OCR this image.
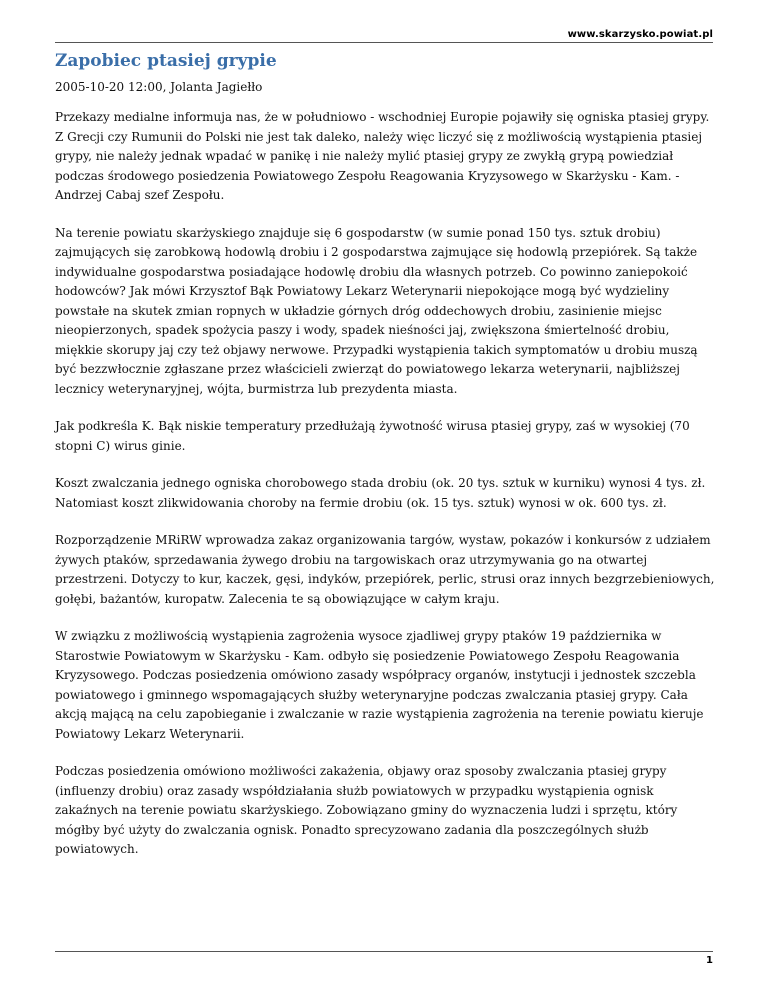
www.skarzysko.powiat.pl
Zapobiec ptasiej grypie
2005-10-20 12:00, Jolanta Jagiełło

Przekazy medialne informuja nas, że w południowo - wschodniej Europie pojawiły się ogniska ptasiej grypy. Z Grecji czy Rumunii do Polski nie jest tak daleko, należy więc liczyć się z możliwością wystąpienia ptasiej grypy, nie należy jednak wpadać w panikę i nie należy mylić ptasiej grypy ze zwykłą grypą powiedział podczas środowego posiedzenia Powiatowego Zespołu Reagowania Kryzysowego w Skarżysku - Kam. - Andrzej Cabaj szef Zespołu.

Na terenie powiatu skarżyskiego znajduje się 6 gospodarstw (w sumie ponad 150 tys. sztuk drobiu) zajmujących się zarobkową hodowlą drobiu i 2 gospodarstwa zajmujące się hodowlą przepiórek. Są także indywidualne gospodarstwa posiadające hodowlę drobiu dla własnych potrzeb. Co powinno zaniepokoić hodowców? Jak mówi Krzysztof Bąk Powiatowy Lekarz Weterynarii niepokojące mogą być wydzieliny powstałe na skutek zmian ropnych w układzie górnych dróg oddechowych drobiu, zasinienie miejsc nieopierzonych, spadek spożycia paszy i wody, spadek nieśności jaj, zwiększona śmiertelność drobiu, miękkie skorupy jaj czy też objawy nerwowe. Przypadki wystąpienia takich symptomatów u drobiu muszą być bezzwłocznie zgłaszane przez właścicieli zwierząt do powiatowego lekarza weterynarii, najbliższej lecznicy weterynaryjnej, wójta, burmistrza lub prezydenta miasta.

Jak podkreśla K. Bąk niskie temperatury przedłużają żywotność wirusa ptasiej grypy, zaś w wysokiej (70 stopni C) wirus ginie.

Koszt zwalczania jednego ogniska chorobowego stada drobiu (ok. 20 tys. sztuk w kurniku) wynosi 4 tys. zł. Natomiast koszt zlikwidowania choroby na fermie drobiu (ok. 15 tys. sztuk) wynosi w ok. 600 tys. zł.

Rozporządzenie MRiRW wprowadza zakaz organizowania targów, wystaw, pokazów i konkursów z udziałem żywych ptaków, sprzedawania żywego drobiu na targowiskach oraz utrzymywania go na otwartej przestrzeni. Dotyczy to kur, kaczek, gęsi, indyków, przepiórek, perlic, strusi oraz innych bezgrzebieniowych, gołębi, bażantów, kuropatw. Zalecenia te są obowiązujące w całym kraju.

W związku z możliwością wystąpienia zagrożenia wysoce zjadliwej grypy ptaków 19 października w Starostwie Powiatowym w Skarżysku - Kam. odbyło się posiedzenie Powiatowego Zespołu Reagowania Kryzysowego. Podczas posiedzenia omówiono zasady współpracy organów, instytucji i jednostek szczebla powiatowego i gminnego wspomagających służby weterynaryjne podczas zwalczania ptasiej grypy. Cała akcją mającą na celu zapobieganie i zwalczanie w razie wystąpienia zagrożenia na terenie powiatu kieruje Powiatowy Lekarz Weterynarii.

Podczas posiedzenia omówiono możliwości zakażenia, objawy oraz sposoby zwalczania ptasiej grypy (influenzy drobiu) oraz zasady współdziałania służb powiatowych w przypadku wystąpienia ognisk zakaźnych na terenie powiatu skarżyskiego. Zobowiązano gminy do wyznaczenia ludzi i sprzętu, który mógłby być użyty do zwalczania ognisk. Ponadto sprecyzowano zadania dla poszczególnych służb powiatowych.

1
